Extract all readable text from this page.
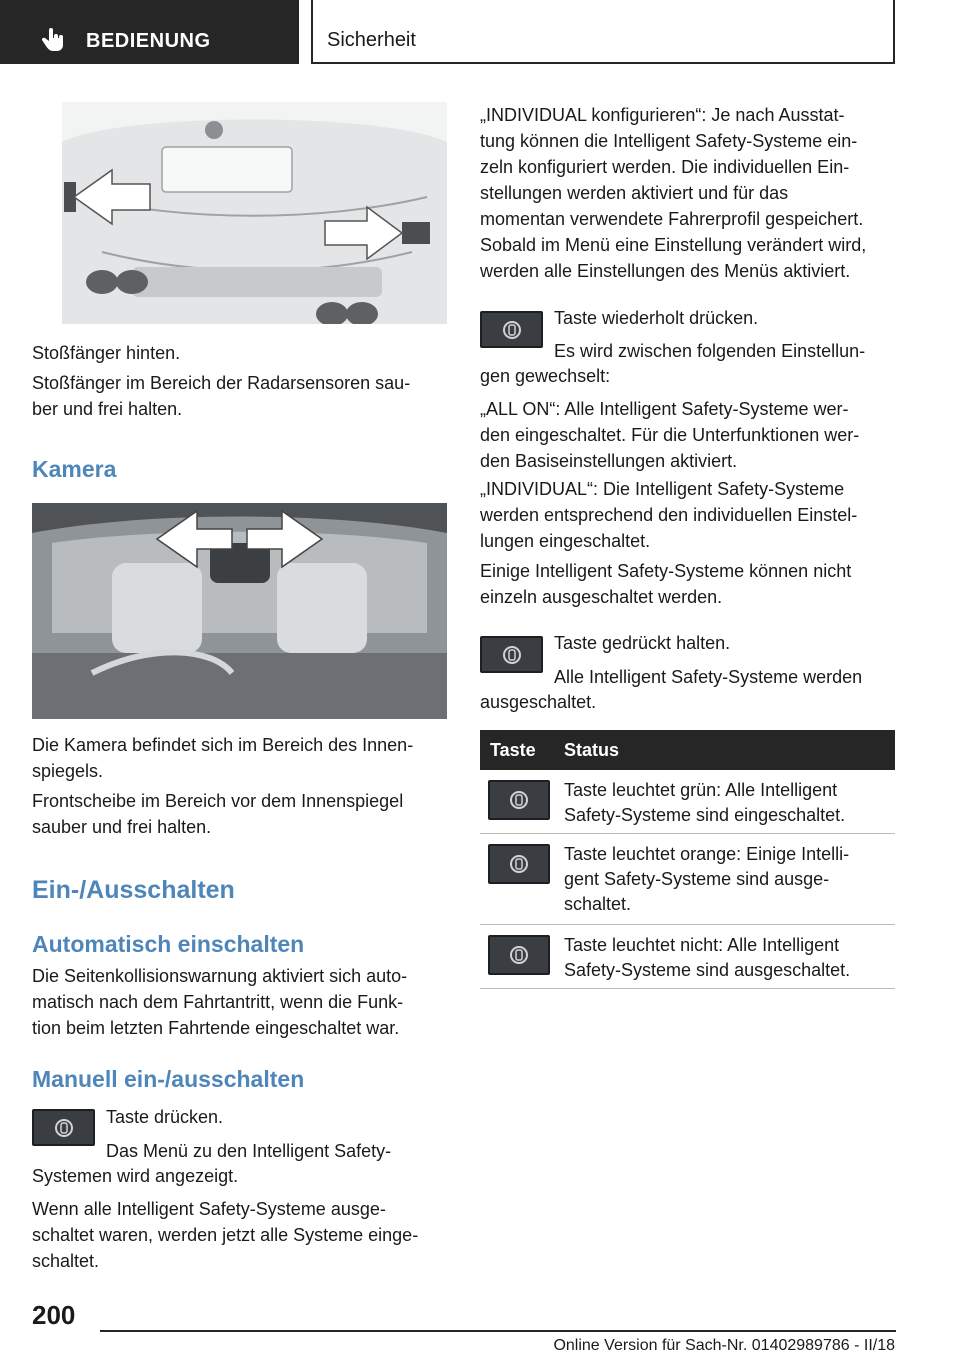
BEDIENUNG	Sicherheit
Stoßfänger hinten.
Stoßfänger im Bereich der Radarsensoren sau-
ber und frei halten.
Kamera
Die Kamera befindet sich im Bereich des Innen-
spiegels.
Frontscheibe im Bereich vor dem Innenspiegel
sauber und frei halten.
Ein-/Ausschalten
Automatisch einschalten
Die Seitenkollisionswarnung aktiviert sich auto-
matisch nach dem Fahrtantritt, wenn die Funk-
tion beim letzten Fahrtende eingeschaltet war.
Manuell ein-/ausschalten
Taste drücken.
Das Menü zu den Intelligent Safety-
Systemen wird angezeigt.
Wenn alle Intelligent Safety-Systeme ausge-
schaltet waren, werden jetzt alle Systeme einge-
schaltet.
„INDIVIDUAL konfigurieren“: Je nach Ausstat-
tung können die Intelligent Safety-Systeme ein-
zeln konfiguriert werden. Die individuellen Ein-
stellungen werden aktiviert und für das
momentan verwendete Fahrerprofil gespeichert.
Sobald im Menü eine Einstellung verändert wird,
werden alle Einstellungen des Menüs aktiviert.
Taste wiederholt drücken.
Es wird zwischen folgenden Einstellun-
gen gewechselt:
„ALL ON“: Alle Intelligent Safety-Systeme wer-
den eingeschaltet. Für die Unterfunktionen wer-
den Basiseinstellungen aktiviert.
„INDIVIDUAL“: Die Intelligent Safety-Systeme
werden entsprechend den individuellen Einstel-
lungen eingeschaltet.
Einige Intelligent Safety-Systeme können nicht
einzeln ausgeschaltet werden.
Taste gedrückt halten.
Alle Intelligent Safety-Systeme werden
ausgeschaltet.
Taste Status
Taste leuchtet grün: Alle Intelligent
Safety-Systeme sind eingeschaltet.
Taste leuchtet orange: Einige Intelli-
gent Safety-Systeme sind ausge-
schaltet.
Taste leuchtet nicht: Alle Intelligent
Safety-Systeme sind ausgeschaltet.
200
Online Version für Sach-Nr. 01402989786 - II/18
